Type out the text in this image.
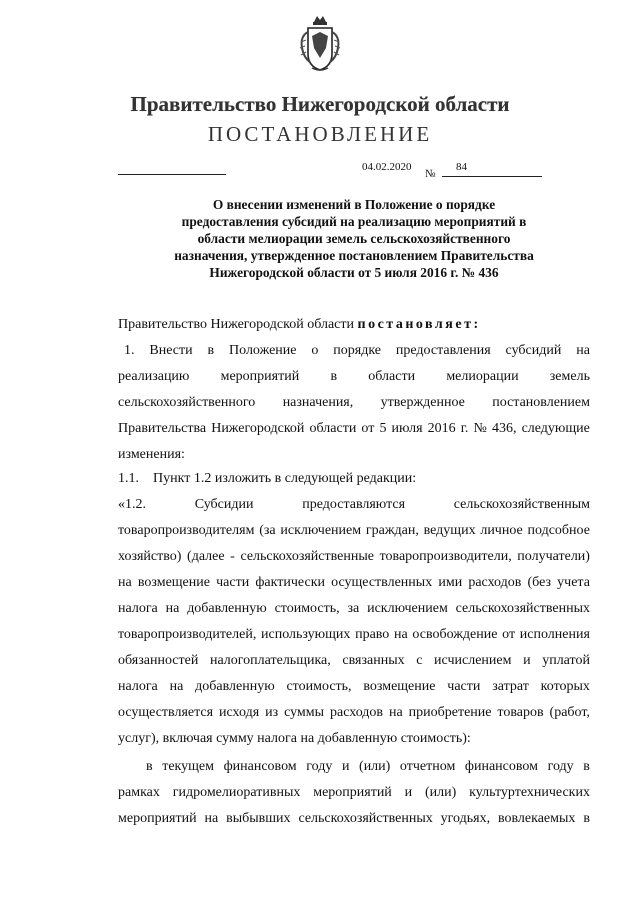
Правительство Нижегородской области
ПОСТАНОВЛЕНИЕ
04.02.2020
№
84
О внесении изменений в Положение о порядке
предоставления субсидий на реализацию мероприятий в
области мелиорации земель сельскохозяйственного
назначения, утвержденное постановлением Правительства
Нижегородской области от 5 июля 2016 г. № 436
Правительство Нижегородской области постановляет:
1. Внести в Положение о порядке предоставления субсидий на
реализацию мероприятий в области мелиорации земель
сельскохозяйственного назначения, утвержденное постановлением
Правительства Нижегородской области от 5 июля 2016 г. № 436, следующие
изменения:
1.1.    Пункт 1.2 изложить в следующей редакции:
«1.2.	Субсидии	предоставляются	сельскохозяйственным
товаропроизводителям (за исключением граждан, ведущих личное подсобное
хозяйство) (далее - сельскохозяйственные товаропроизводители, получатели)
на возмещение части фактически осуществленных ими расходов (без учета
налога на добавленную стоимость, за исключением сельскохозяйственных
товаропроизводителей, использующих право на освобождение от исполнения
обязанностей налогоплательщика, связанных с исчислением и уплатой
налога на добавленную стоимость, возмещение части затрат которых
осуществляется исходя из суммы расходов на приобретение товаров (работ,
услуг), включая сумму налога на добавленную стоимость):
в текущем финансовом году и (или) отчетном финансовом году в
рамках гидромелиоративных мероприятий и (или) культуртехнических
мероприятий на выбывших сельскохозяйственных угодьях, вовлекаемых в
